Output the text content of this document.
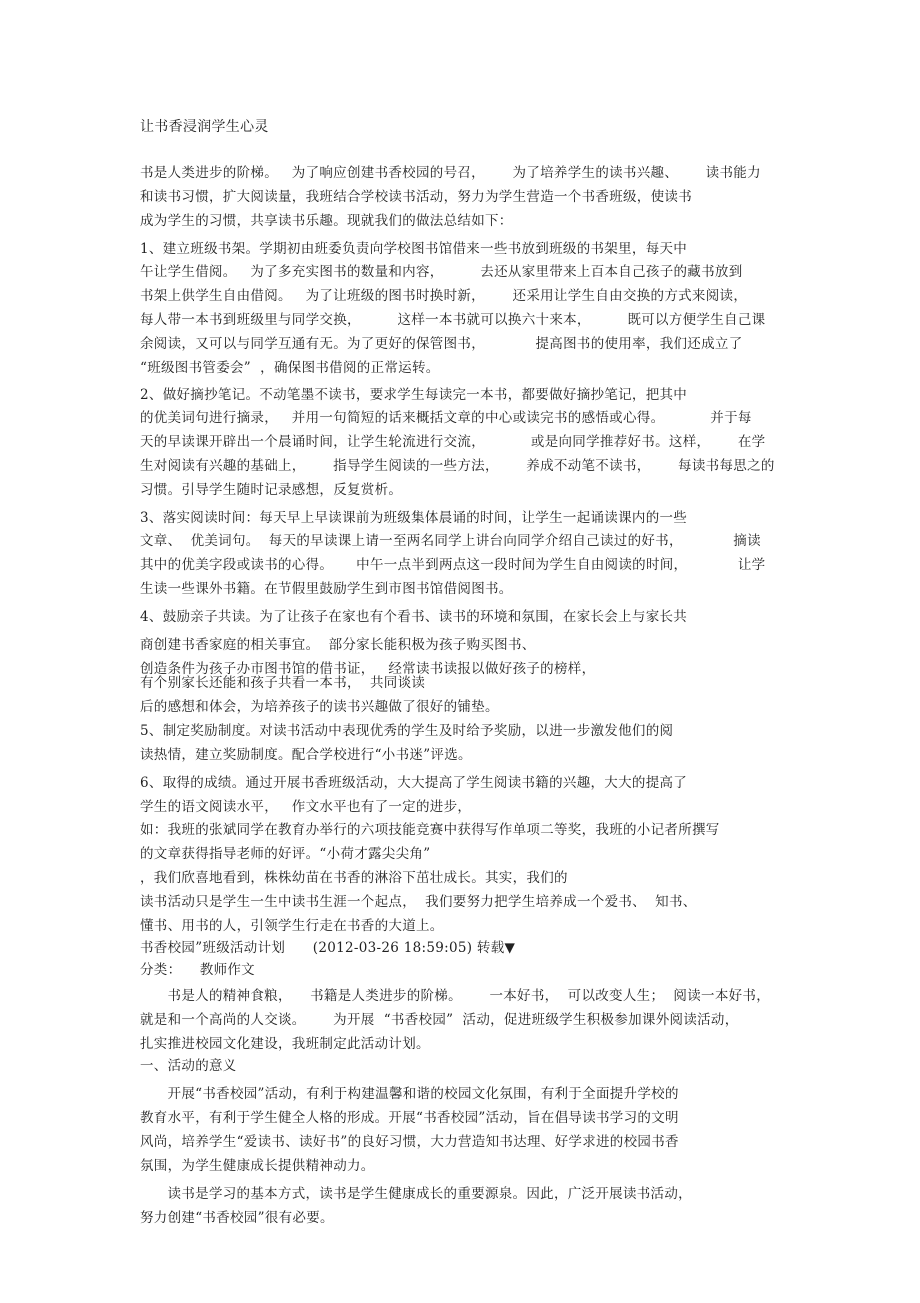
让书香浸润学生心灵
书是人类进步的阶梯。   为了响应创建书香校园的号召，      为了培养学生的读书兴趣、      读书能力
和读书习惯，扩大阅读量，我班结合学校读书活动，努力为学生营造一个书香班级，使读书
成为学生的习惯，共享读书乐趣。现就我们的做法总结如下：
1、建立班级书架。学期初由班委负责向学校图书馆借来一些书放到班级的书架里，每天中
午让学生借阅。   为了多充实图书的数量和内容，        去还从家里带来上百本自己孩子的藏书放到
书架上供学生自由借阅。   为了让班级的图书时换时新，      还采用让学生自由交换的方式来阅读，
每人带一本书到班级里与同学交换，        这样一本书就可以换六十来本，        既可以方便学生自己课
余阅读，又可以与同学互通有无。为了更好的保管图书，           提高图书的使用率，我们还成立了
“班级图书管委会”  ，确保图书借阅的正常运转。
2、做好摘抄笔记。不动笔墨不读书，要求学生每读完一本书，都要做好摘抄笔记，把其中
的优美词句进行摘录，   并用一句简短的话来概括文章的中心或读完书的感悟或心得。          并于每
天的早读课开辟出一个晨诵时间，让学生轮流进行交流，          或是向同学推荐好书。这样，      在学
生对阅读有兴趣的基础上，      指导学生阅读的一些方法，      养成不动笔不读书，      每读书每思之的
习惯。引导学生随时记录感想，反复赏析。
3、落实阅读时间：每天早上早读课前为班级集体晨诵的时间，让学生一起诵读课内的一些
文章、  优美词句。  每天的早读课上请一至两名同学上讲台向同学介绍自己读过的好书，           摘读
其中的优美字段或读书的心得。     中午一点半到两点这一段时间为学生自由阅读的时间，           让学
生读一些课外书籍。在节假里鼓励学生到市图书馆借阅图书。
4、鼓励亲子共读。为了让孩子在家也有个看书、读书的环境和氛围，在家长会上与家长共
商创建书香家庭的相关事宜。  部分家长能积极为孩子购买图书、
创造条件为孩子办市图书馆的借书证，   经常读书读报以做好孩子的榜样，
有个别家长还能和孩子共看一本书，  共同谈读
后的感想和体会，为培养孩子的读书兴趣做了很好的铺垫。
5、制定奖励制度。对读书活动中表现优秀的学生及时给予奖励，以进一步激发他们的阅
读热情，建立奖励制度。配合学校进行“小书迷”评选。
6、取得的成绩。通过开展书香班级活动，大大提高了学生阅读书籍的兴趣，大大的提高了
学生的语文阅读水平，   作文水平也有了一定的进步，
如：我班的张斌同学在教育办举行的六项技能竞赛中获得写作单项二等奖，我班的小记者所撰写
的文章获得指导老师的好评。“小荷才露尖尖角”
，我们欣喜地看到，株株幼苗在书香的淋浴下茁壮成长。其实，我们的
读书活动只是学生一生中读书生涯一个起点，  我们要努力把学生培养成一个爱书、  知书、
懂书、用书的人，引领学生行走在书香的大道上。
书香校园”班级活动计划      (2012-03-26 18:59:05) 转载▼
分类：    教师作文
书是人的精神食粮，    书籍是人类进步的阶梯。      一本好书，  可以改变人生；  阅读一本好书，
就是和一个高尚的人交谈。      为开展  “书香校园”  活动，促进班级学生积极参加课外阅读活动，
扎实推进校园文化建设，我班制定此活动计划。
一、活动的意义
开展“书香校园”活动，有利于构建温馨和谐的校园文化氛围，有利于全面提升学校的
教育水平，有利于学生健全人格的形成。开展“书香校园”活动，旨在倡导读书学习的文明
风尚，培养学生“爱读书、读好书”的良好习惯，大力营造知书达理、好学求进的校园书香
氛围，为学生健康成长提供精神动力。
读书是学习的基本方式，读书是学生健康成长的重要源泉。因此，广泛开展读书活动，
努力创建“书香校园”很有必要。
